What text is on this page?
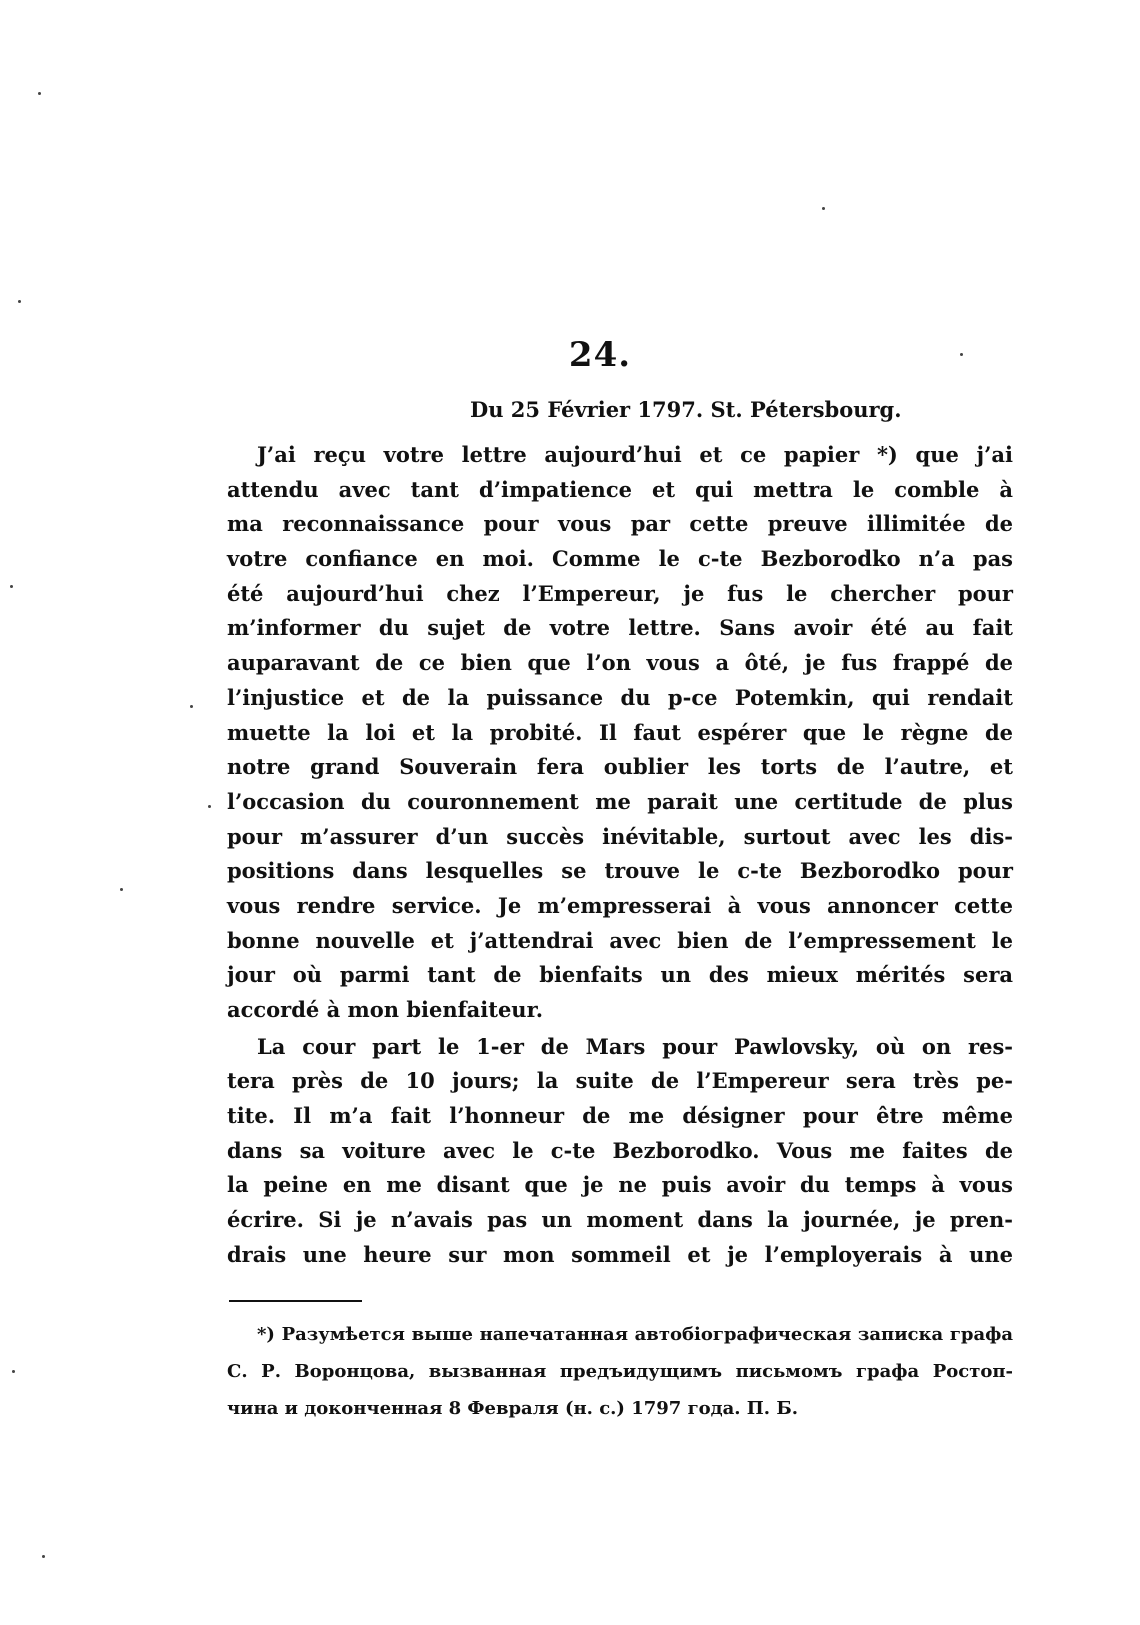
24.
Du 25 Février 1797. St. Pétersbourg.
J’ai reçu votre lettre aujourd’hui et ce papier *) que j’ai
attendu avec tant d’impatience et qui mettra le comble à
ma reconnaissance pour vous par cette preuve illimitée de
votre confiance en moi. Comme le c-te Bezborodko n’a pas
été aujourd’hui chez l’Empereur, je fus le chercher pour
m’informer du sujet de votre lettre. Sans avoir été au fait
auparavant de ce bien que l’on vous a ôté, je fus frappé de
l’injustice et de la puissance du p-ce Potemkin, qui rendait
muette la loi et la probité. Il faut espérer que le règne de
notre grand Souverain fera oublier les torts de l’autre, et
l’occasion du couronnement me parait une certitude de plus
pour m’assurer d’un succès inévitable, surtout avec les dis-
positions dans lesquelles se trouve le c-te Bezborodko pour
vous rendre service. Je m’empresserai à vous annoncer cette
bonne nouvelle et j’attendrai avec bien de l’empressement le
jour où parmi tant de bienfaits un des mieux mérités sera
accordé à mon bienfaiteur.
La cour part le 1-er de Mars pour Pawlovsky, où on res-
tera près de 10 jours; la suite de l’Empereur sera très pe-
tite. Il m’a fait l’honneur de me désigner pour être même
dans sa voiture avec le c-te Bezborodko. Vous me faites de
la peine en me disant que je ne puis avoir du temps à vous
écrire. Si je n’avais pas un moment dans la journée, je pren-
drais une heure sur mon sommeil et je l’employerais à une
*) Разумѣется выше напечатанная автобіографическая записка графа
С. Р. Воронцова, вызванная предъидущимъ письмомъ графа Ростоп-
чина и доконченная 8 Февраля (н. с.) 1797 года. П. Б.
